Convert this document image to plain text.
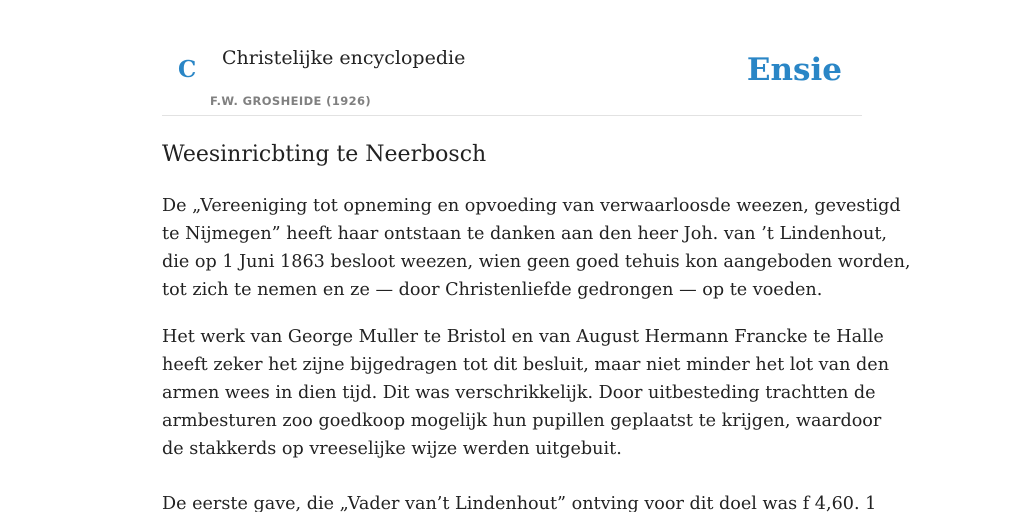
C Christelijke encyclopedie
F.W. GROSHEIDE (1926)
Ensie
Weesinricbting te Neerbosch

De „Vereeniging tot opneming en opvoeding van verwaarloosde weezen, gevestigd
te Nijmegen” heeft haar ontstaan te danken aan den heer Joh. van ’t Lindenhout,
die op 1 Juni 1863 besloot weezen, wien geen goed tehuis kon aangeboden worden,
tot zich te nemen en ze — door Christenliefde gedrongen — op te voeden.

Het werk van George Muller te Bristol en van August Hermann Francke te Halle
heeft zeker het zijne bijgedragen tot dit besluit, maar niet minder het lot van den
armen wees in dien tijd. Dit was verschrikkelijk. Door uitbesteding trachtten de
armbesturen zoo goedkoop mogelijk hun pupillen geplaatst te krijgen, waardoor
de stakkerds op vreeselijke wijze werden uitgebuit.

De eerste gave, die „Vader van’t Lindenhout” ontving voor dit doel was f 4,60. 1
